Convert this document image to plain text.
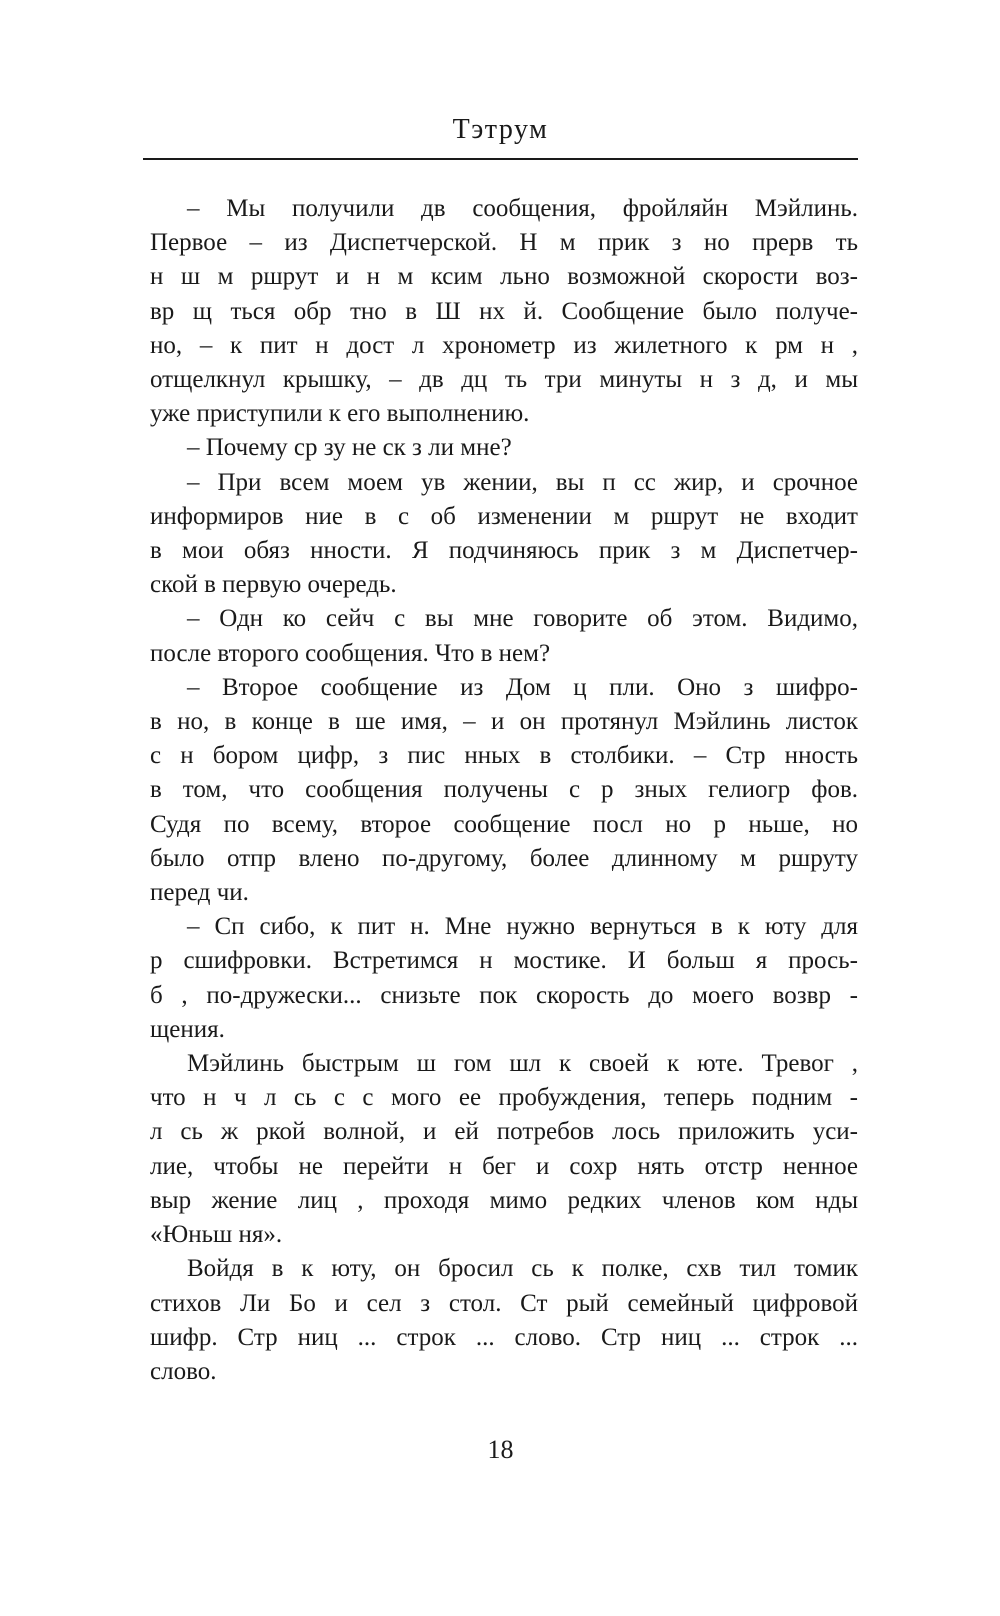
Тэтрум
– Мы получили дв сообщения, фройляйн Мэйлинь.
Первое – из Диспетчерской. Н м прик з но прерв ть
н ш м ршрут и н м ксим льно возможной скорости воз-
вр щ ться обр тно в Ш нх й. Сообщение было получе-
но, – к пит н дост л хронометр из жилетного к рм н ,
отщелкнул крышку, – дв дц ть три минуты н з д, и мы
уже приступили к его выполнению.
– Почему ср зу не ск з ли мне?
– При всем моем ув жении, вы п сс жир, и срочное
информиров ние в с об изменении м ршрут не входит
в мои обяз нности. Я подчиняюсь прик з м Диспетчер-
ской в первую очередь.
– Одн ко сейч с вы мне говорите об этом. Видимо,
после второго сообщения. Что в нем?
– Второе сообщение из Дом ц пли. Оно з шифро-
в но, в конце в ше имя, – и он протянул Мэйлинь листок
с н бором цифр, з пис нных в столбики. – Стр нность
в том, что сообщения получены с р зных гелиогр фов.
Судя по всему, второе сообщение посл но р ньше, но
было отпр влено по-другому, более длинному м ршруту
перед чи.
– Сп сибо, к пит н. Мне нужно вернуться в к юту для
р сшифровки. Встретимся н мостике. И больш я прось-
б , по-дружески... снизьте пок скорость до моего возвр -
щения.
Мэйлинь быстрым ш гом шл к своей к юте. Тревог ,
что н ч л сь с с мого ее пробуждения, теперь подним -
л сь ж ркой волной, и ей потребов лось приложить уси-
лие, чтобы не перейти н бег и сохр нять отстр ненное
выр жение лиц , проходя мимо редких членов ком нды
«Юньш ня».
Войдя в к юту, он бросил сь к полке, схв тил томик
стихов Ли Бо и сел з стол. Ст рый семейный цифровой
шифр. Стр ниц ... строк ... слово. Стр ниц ... строк ...
слово.
18
